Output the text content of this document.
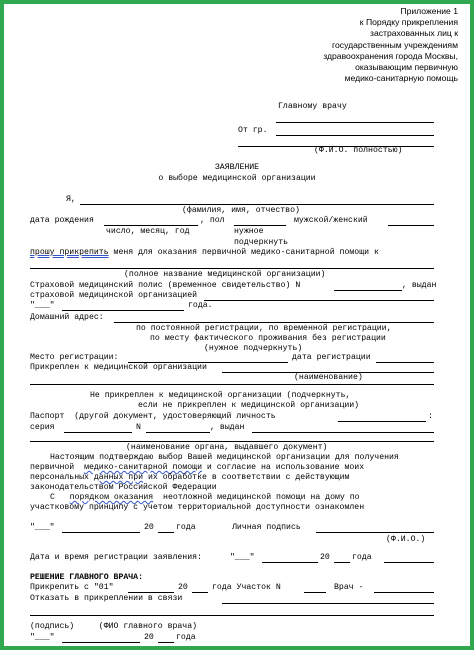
Приложение 1
к Порядку прикрепления
застрахованных лиц к
государственным учреждениям
здравоохранения города Москвы,
оказывающим первичную
медико-санитарную помощь
Главному врачу
От гр.
(Ф.И.О. полностью)
ЗАЯВЛЕНИЕ
о выборе медицинской организации
Я,
(фамилия, имя, отчество)
дата рождения	, пол	мужской/женский
число, месяц, год	нужное
подчеркнуть
прошу прикрепить меня для оказания первичной медико-санитарной помощи к
(полное название медицинской организации)
Страховой медицинский полис (временное свидетельство) N	, выдан
страховой медицинской организацией
"___"	года.
Домашний адрес:
по постоянной регистрации, по временной регистрации,
по месту фактического проживания без регистрации
(нужное подчеркнуть)
Место регистрации:	дата регистрации
Прикреплен к медицинской организации
(наименование)
Не прикреплен к медицинской организации (подчеркнуть,
если не прикреплен к медицинской организации)
Паспорт  (другой документ, удостоверяющий личность	:
серия	N	, выдан
(наименование органа, выдавшего документ)
Настоящим подтверждаю выбор Вашей медицинской организации для получения
первичной медико-санитарной помощи и согласие на использование моих
персональных данных при их обработке в соответствии с действующим
законодательством Российской Федерации
С порядком оказания неотложной медицинской помощи на дому по
участковому принципу с учетом территориальной доступности ознакомлен
"___"	20	года	Личная подпись
(Ф.И.О.)
Дата и время регистрации заявления:	"___"	20	года
РЕШЕНИЕ ГЛАВНОГО ВРАЧА:
Прикрепить с "01"	20	года Участок N	Врач -
Отказать в прикреплении в связи
(подпись)     (ФИО главного врача)
"___"	20	года
